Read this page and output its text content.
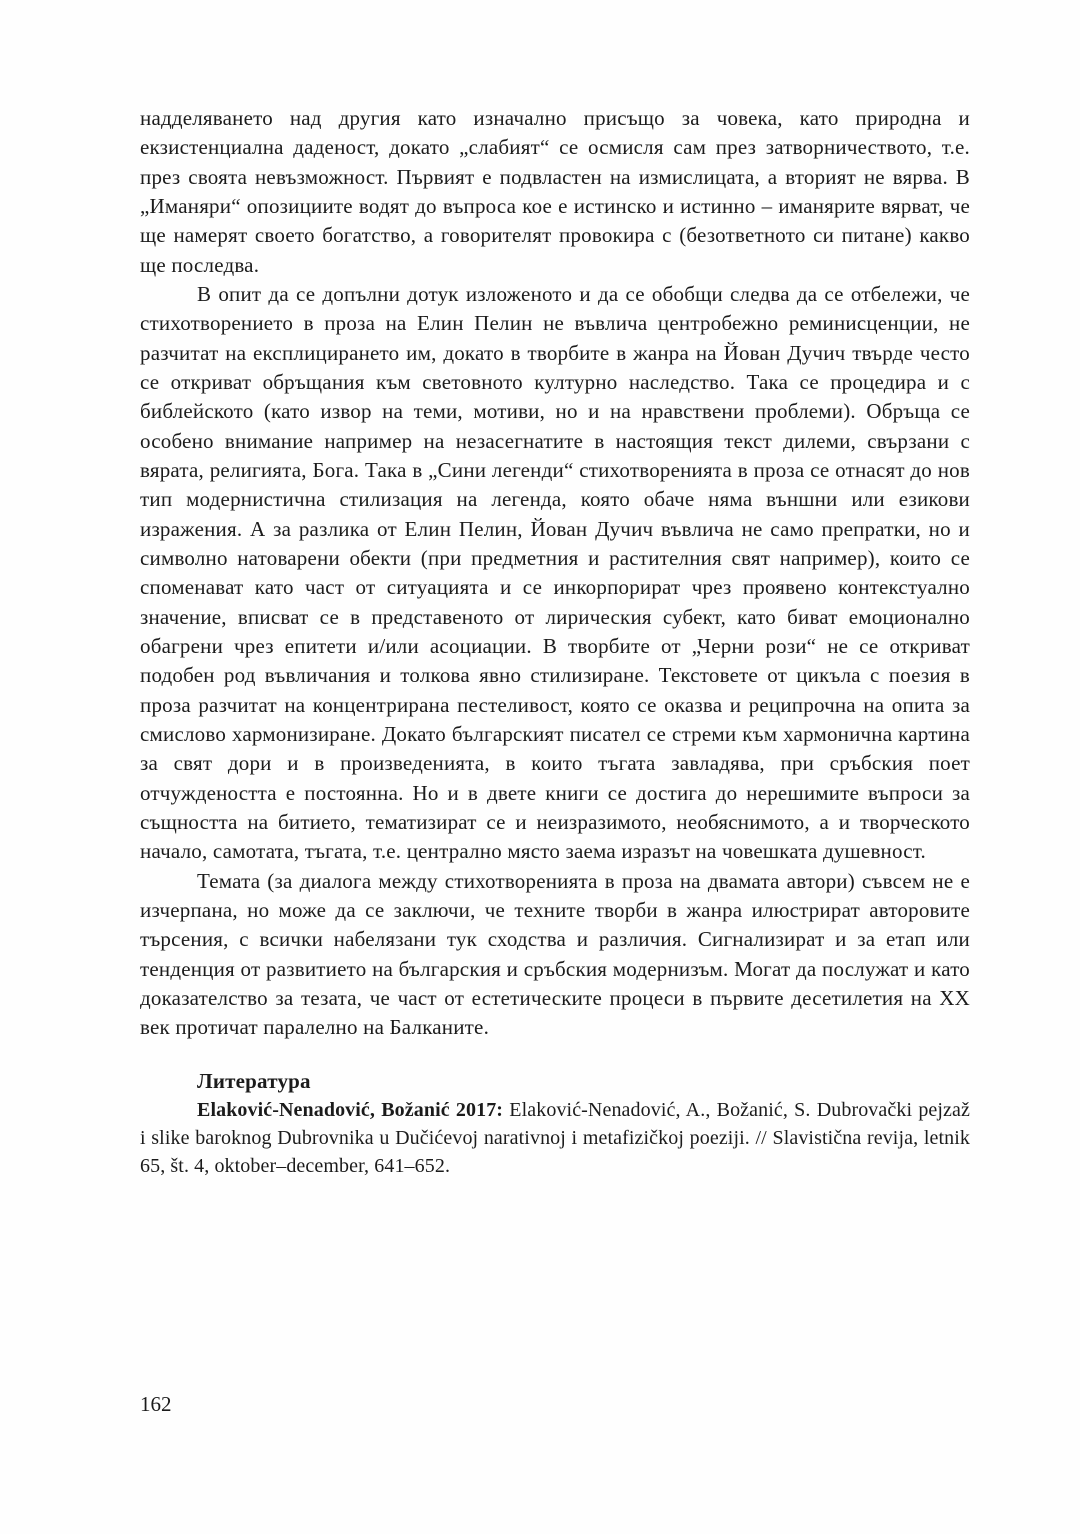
надделяването над другия като изначално присъщо за човека, като природна и екзистенциална даденост, докато „слабият“ се осмисля сам през затворничеството, т.е. през своята невъзможност. Първият е подвластен на измислицата, а вторият не вярва. В „Иманяри“ опозициите водят до въпроса кое е истинско и истинно – иманярите вярват, че ще намерят своето богатство, а говорителят провокира с (безответното си питане) какво ще последва.

В опит да се допълни дотук изложеното и да се обобщи следва да се отбележи, че стихотворението в проза на Елин Пелин не въвлича центробежно реминисценции, не разчитат на експлицирането им, докато в творбите в жанра на Йован Дучич твърде често се откриват обръщания към световното културно наследство. Така се процедира и с библейското (като извор на теми, мотиви, но и на нравствени проблеми). Обръща се особено внимание например на незасегнатите в настоящия текст дилеми, свързани с вярата, религията, Бога. Така в „Сини легенди“ стихотворенията в проза се отнасят до нов тип модернистична стилизация на легенда, която обаче няма външни или езикови изражения. А за разлика от Елин Пелин, Йован Дучич въвлича не само препратки, но и символно натоварени обекти (при предметния и растителния свят например), които се споменават като част от ситуацията и се инкорпорират чрез проявено контекстуално значение, вписват се в представеното от лирическия субект, като биват емоционално обагрени чрез епитети и/или асоциации. В творбите от „Черни рози“ не се откриват подобен род въвличания и толкова явно стилизиране. Текстовете от цикъла с поезия в проза разчитат на концентрирана пестеливост, която се оказва и реципрочна на опита за смислово хармонизиране. Докато българският писател се стреми към хармонична картина за свят дори и в произведенията, в които тъгата завладява, при сръбския поет отчуждеността е постоянна. Но и в двете книги се достига до нерешимите въпроси за същността на битието, тематизират се и неизразимото, необяснимото, а и творческото начало, самотата, тъгата, т.е. централно място заема изразът на човешката душевност.

Темата (за диалога между стихотворенията в проза на двамата автори) съвсем не е изчерпана, но може да се заключи, че техните творби в жанра илюстрират авторовите търсения, с всички набелязани тук сходства и различия. Сигнализират и за етап или тенденция от развитието на българския и сръбския модернизъм. Могат да послужат и като доказателство за тезата, че част от естетическите процеси в първите десетилетия на XX век протичат паралелно на Балканите.

Литература

Elaković-Nenadović, Božanić 2017: Elaković-Nenadović, A., Božanić, S. Dubrovački pejzaž i slike baroknog Dubrovnika u Dučićevoj narativnoj i metafizičkoj poeziji. // Slavistična revija, letnik 65, št. 4, oktober–december, 641–652.

162
